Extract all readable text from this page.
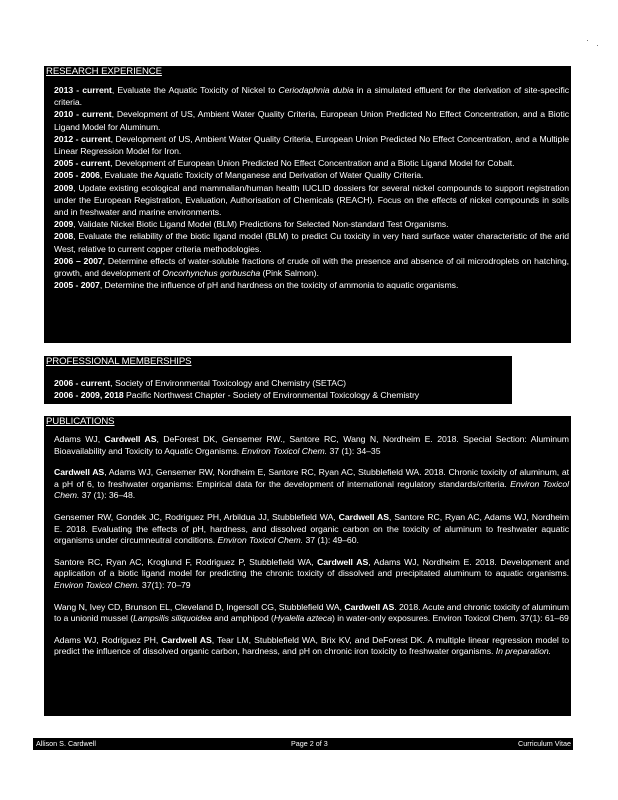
RESEARCH EXPERIENCE
2013 - current, Evaluate the Aquatic Toxicity of Nickel to Ceriodaphnia dubia in a simulated effluent for the derivation of site-specific criteria.
2010 - current, Development of US, Ambient Water Quality Criteria, European Union Predicted No Effect Concentration, and a Biotic Ligand Model for Aluminum.
2012 - current, Development of US, Ambient Water Quality Criteria, European Union Predicted No Effect Concentration, and a Multiple Linear Regression Model for Iron.
2005 - current, Development of European Union Predicted No Effect Concentration and a Biotic Ligand Model for Cobalt.
2005 - 2006, Evaluate the Aquatic Toxicity of Manganese and Derivation of Water Quality Criteria.
2009, Update existing ecological and mammalian/human health IUCLID dossiers for several nickel compounds to support registration under the European Registration, Evaluation, Authorisation of Chemicals (REACH). Focus on the effects of nickel compounds in soils and in freshwater and marine environments.
2009, Validate Nickel Biotic Ligand Model (BLM) Predictions for Selected Non-standard Test Organisms.
2008, Evaluate the reliability of the biotic ligand model (BLM) to predict Cu toxicity in very hard surface water characteristic of the arid West, relative to current copper criteria methodologies.
2006 – 2007, Determine effects of water-soluble fractions of crude oil with the presence and absence of oil microdroplets on hatching, growth, and development of Oncorhynchus gorbuscha (Pink Salmon).
2005 - 2007, Determine the influence of pH and hardness on the toxicity of ammonia to aquatic organisms.
PROFESSIONAL MEMBERSHIPS
2006 - current, Society of Environmental Toxicology and Chemistry (SETAC)
2006 - 2009, 2018 Pacific Northwest Chapter - Society of Environmental Toxicology & Chemistry
PUBLICATIONS
Adams WJ, Cardwell AS, DeForest DK, Gensemer RW., Santore RC, Wang N, Nordheim E. 2018. Special Section: Aluminum Bioavailability and Toxicity to Aquatic Organisms. Environ Toxicol Chem. 37 (1): 34–35
Cardwell AS, Adams WJ, Gensemer RW, Nordheim E, Santore RC, Ryan AC, Stubblefield WA. 2018. Chronic toxicity of aluminum, at a pH of 6, to freshwater organisms: Empirical data for the development of international regulatory standards/criteria. Environ Toxicol Chem. 37 (1): 36–48.
Gensemer RW, Gondek JC, Rodriguez PH, Arbildua JJ, Stubblefield WA, Cardwell AS, Santore RC, Ryan AC, Adams WJ, Nordheim E. 2018. Evaluating the effects of pH, hardness, and dissolved organic carbon on the toxicity of aluminum to freshwater aquatic organisms under circumneutral conditions. Environ Toxicol Chem. 37 (1): 49–60.
Santore RC, Ryan AC, Kroglund F, Rodriguez P, Stubblefield WA, Cardwell AS, Adams WJ, Nordheim E. 2018. Development and application of a biotic ligand model for predicting the chronic toxicity of dissolved and precipitated aluminum to aquatic organisms. Environ Toxicol Chem. 37(1): 70–79
Wang N, Ivey CD, Brunson EL, Cleveland D, Ingersoll CG, Stubblefield WA, Cardwell AS. 2018. Acute and chronic toxicity of aluminum to a unionid mussel (Lampsilis siliquoidea and amphipod (Hyalella azteca) in water-only exposures. Environ Toxicol Chem. 37(1): 61–69
Adams WJ, Rodriguez PH, Cardwell AS, Tear LM, Stubblefield WA, Brix KV, and DeForest DK. A multiple linear regression model to predict the influence of dissolved organic carbon, hardness, and pH on chronic iron toxicity to freshwater organisms. In preparation.
Allison S. Cardwell	Page 2 of 3	Curriculum Vitae
